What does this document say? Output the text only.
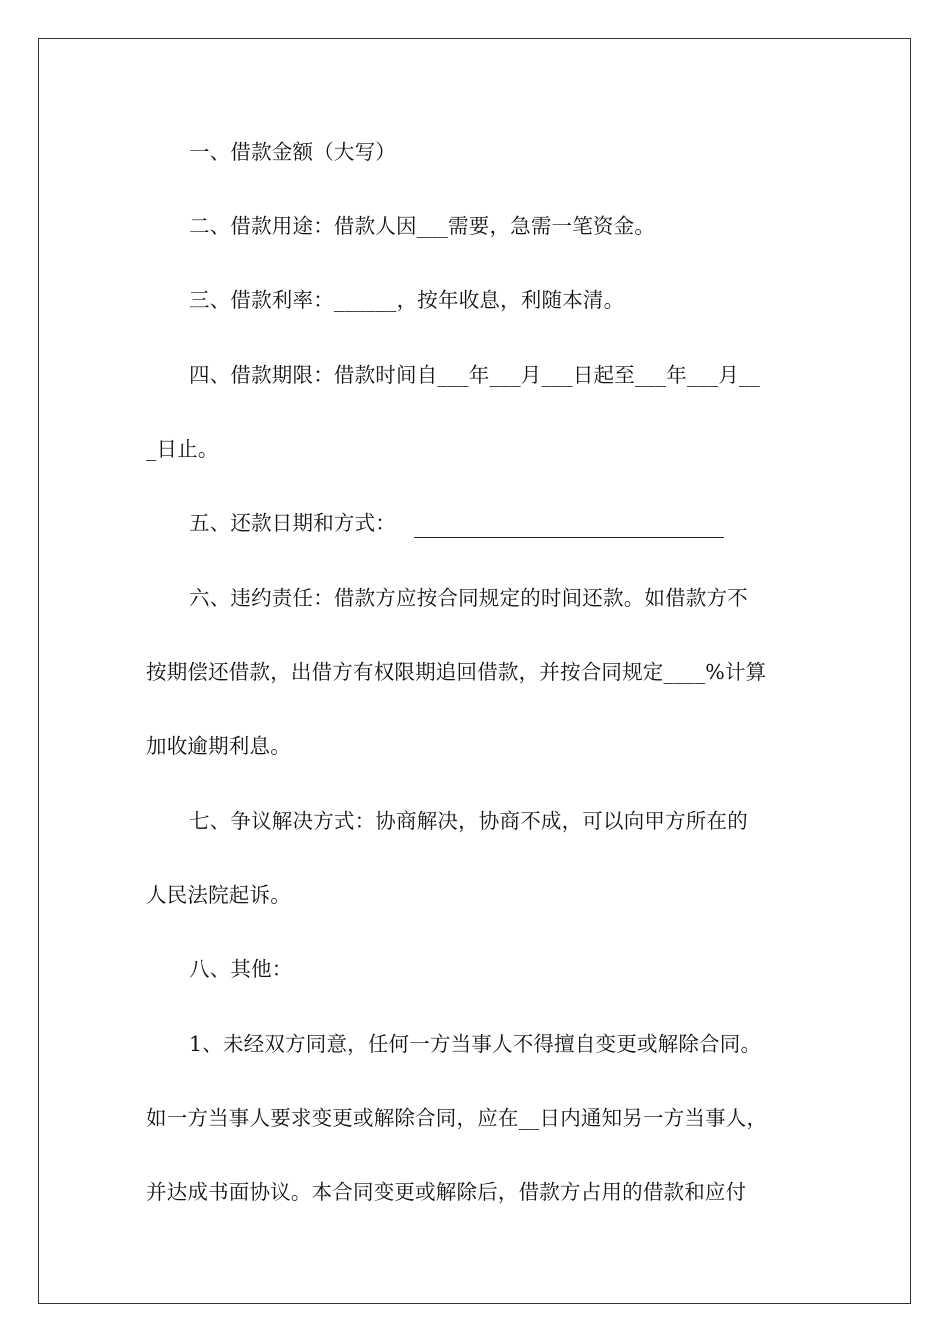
一、借款金额（大写）
二、借款用途：借款人因___需要，急需一笔资金。
三、借款利率：______，按年收息，利随本清。
四、借款期限：借款时间自___年___月___日起至___年___月__
_日止。
五、还款日期和方式：
六、违约责任：借款方应按合同规定的时间还款。如借款方不
按期偿还借款，出借方有权限期追回借款，并按合同规定____%计算
加收逾期利息。
七、争议解决方式：协商解决，协商不成，可以向甲方所在的
人民法院起诉。
八、其他：
1、未经双方同意，任何一方当事人不得擅自变更或解除合同。
如一方当事人要求变更或解除合同，应在__日内通知另一方当事人，
并达成书面协议。本合同变更或解除后，借款方占用的借款和应付
